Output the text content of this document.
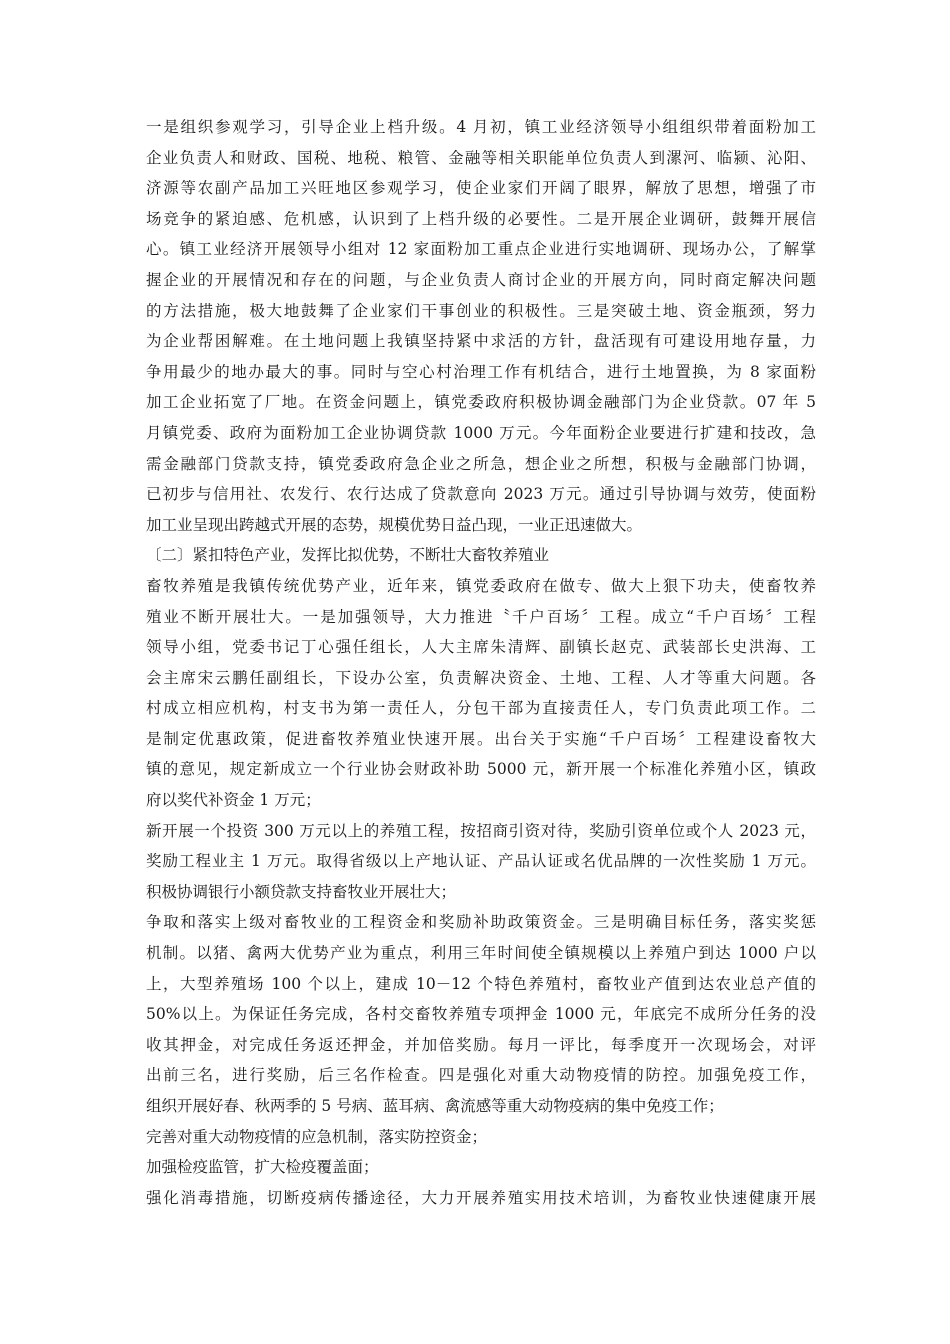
一是组织参观学习，引导企业上档升级。4 月初，镇工业经济领导小组组织带着面粉加工
企业负责人和财政、国税、地税、粮管、金融等相关职能单位负责人到漯河、临颍、沁阳、
济源等农副产品加工兴旺地区参观学习，使企业家们开阔了眼界，解放了思想，增强了市
场竞争的紧迫感、危机感，认识到了上档升级的必要性。二是开展企业调研，鼓舞开展信
心。镇工业经济开展领导小组对 12 家面粉加工重点企业进行实地调研、现场办公，了解掌
握企业的开展情况和存在的问题，与企业负责人商讨企业的开展方向，同时商定解决问题
的方法措施，极大地鼓舞了企业家们干事创业的积极性。三是突破土地、资金瓶颈，努力
为企业帮困解难。在土地问题上我镇坚持紧中求活的方针，盘活现有可建设用地存量，力
争用最少的地办最大的事。同时与空心村治理工作有机结合，进行土地置换，为 8 家面粉
加工企业拓宽了厂地。在资金问题上，镇党委政府积极协调金融部门为企业贷款。07 年 5
月镇党委、政府为面粉加工企业协调贷款 1000 万元。今年面粉企业要进行扩建和技改，急
需金融部门贷款支持，镇党委政府急企业之所急，想企业之所想，积极与金融部门协调，
已初步与信用社、农发行、农行达成了贷款意向 2023 万元。通过引导协调与效劳，使面粉
加工业呈现出跨越式开展的态势，规模优势日益凸现，一业正迅速做大。
〔二〕紧扣特色产业，发挥比拟优势，不断壮大畜牧养殖业
畜牧养殖是我镇传统优势产业，近年来，镇党委政府在做专、做大上狠下功夫，使畜牧养
殖业不断开展壮大。一是加强领导，大力推进〝千户百场〞工程。成立“千户百场〞工程
领导小组，党委书记丁心强任组长，人大主席朱清辉、副镇长赵克、武装部长史洪海、工
会主席宋云鹏任副组长，下设办公室，负责解决资金、土地、工程、人才等重大问题。各
村成立相应机构，村支书为第一责任人，分包干部为直接责任人，专门负责此项工作。二
是制定优惠政策，促进畜牧养殖业快速开展。出台关于实施“千户百场〞工程建设畜牧大
镇的意见，规定新成立一个行业协会财政补助 5000 元，新开展一个标准化养殖小区，镇政
府以奖代补资金 1 万元；
新开展一个投资 300 万元以上的养殖工程，按招商引资对待，奖励引资单位或个人 2023 元，
奖励工程业主 1 万元。取得省级以上产地认证、产品认证或名优品牌的一次性奖励 1 万元。
积极协调银行小额贷款支持畜牧业开展壮大；
争取和落实上级对畜牧业的工程资金和奖励补助政策资金。三是明确目标任务，落实奖惩
机制。以猪、禽两大优势产业为重点，利用三年时间使全镇规模以上养殖户到达 1000 户以
上，大型养殖场 100 个以上，建成 10－12 个特色养殖村，畜牧业产值到达农业总产值的
50%以上。为保证任务完成，各村交畜牧养殖专项押金 1000 元，年底完不成所分任务的没
收其押金，对完成任务返还押金，并加倍奖励。每月一评比，每季度开一次现场会，对评
出前三名，进行奖励，后三名作检查。四是强化对重大动物疫情的防控。加强免疫工作，
组织开展好春、秋两季的 5 号病、蓝耳病、禽流感等重大动物疫病的集中免疫工作；
完善对重大动物疫情的应急机制，落实防控资金；
加强检疫监管，扩大检疫覆盖面；
强化消毒措施，切断疫病传播途径，大力开展养殖实用技术培训，为畜牧业快速健康开展
